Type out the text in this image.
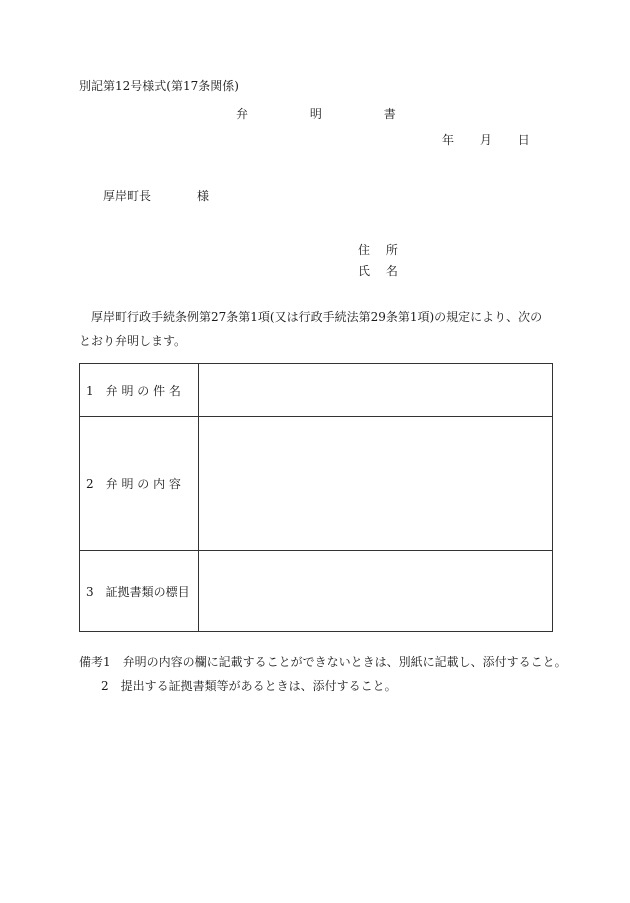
別記第12号様式(第17条関係)
弁	明	書
年 月 日
厚岸町長	様
住 所
氏 名
厚岸町行政手続条例第27条第1項(又は行政手続法第29条第1項)の規定により、次のとおり弁明します。
1　弁 明 の 件 名	
2　弁 明 の 内 容	
3　証拠書類の標目	
備考1　弁明の内容の欄に記載することができないときは、別紙に記載し、添付すること。
2　提出する証拠書類等があるときは、添付すること。
